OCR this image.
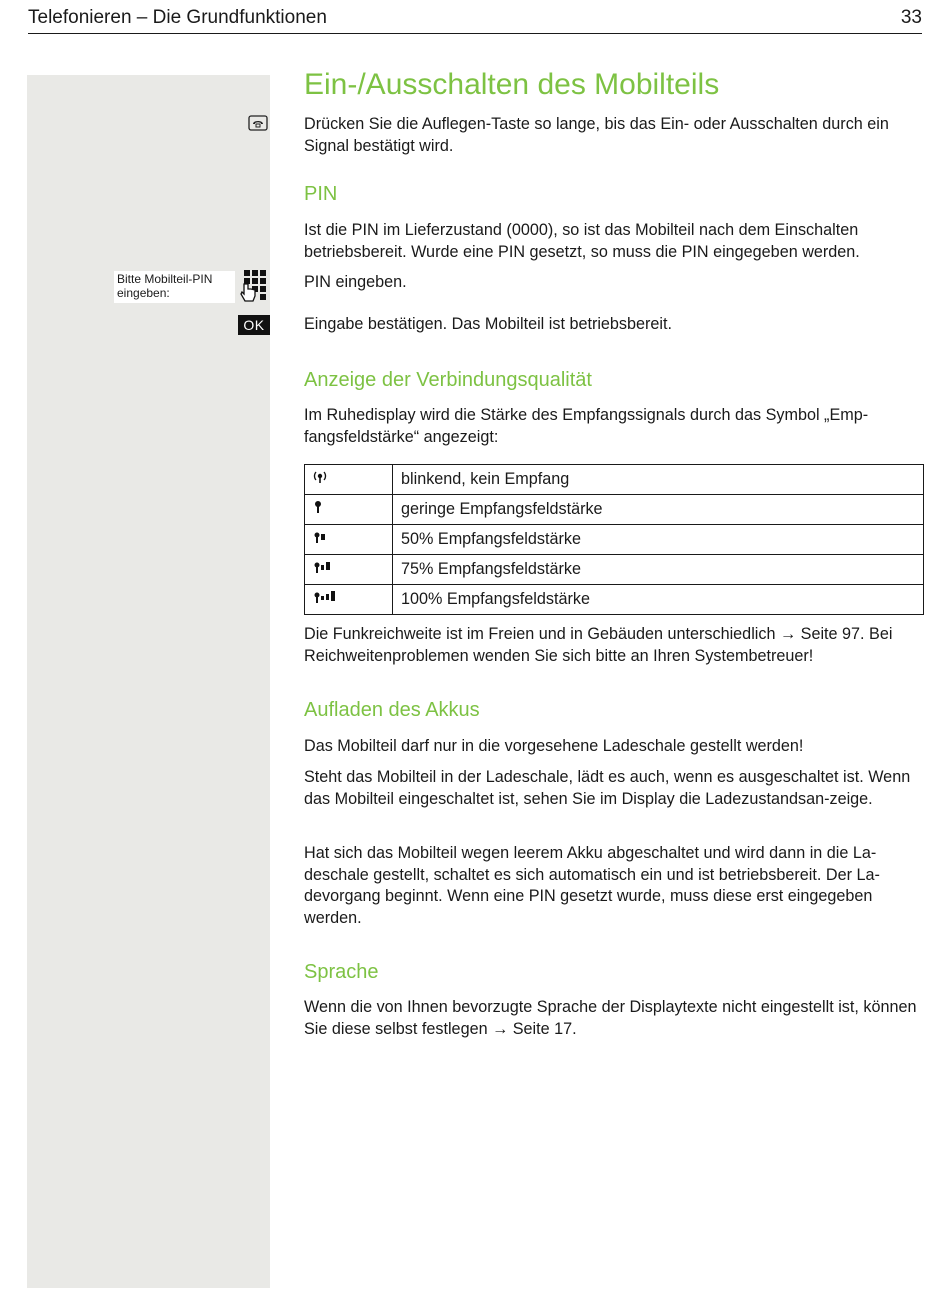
Telefonieren – Die Grundfunktionen	33
Bitte Mobilteil-PIN
eingeben:
OK
Ein-/Ausschalten des Mobilteils

Drücken Sie die Auflegen-Taste so lange, bis das Ein- oder Ausschalten durch ein Signal bestätigt wird.

PIN

Ist die PIN im Lieferzustand (0000), so ist das Mobilteil nach dem Einschalten betriebsbereit. Wurde eine PIN gesetzt, so muss die PIN eingegeben werden.

PIN eingeben.

Eingabe bestätigen. Das Mobilteil ist betriebsbereit.

Anzeige der Verbindungsqualität

Im Ruhedisplay wird die Stärke des Empfangssignals durch das Symbol „Emp-fangsfeldstärke“ angezeigt:

	blinkend, kein Empfang
	geringe Empfangsfeldstärke
	50% Empfangsfeldstärke
	75% Empfangsfeldstärke
	100% Empfangsfeldstärke

Die Funkreichweite ist im Freien und in Gebäuden unterschiedlich → Seite 97. Bei Reichweitenproblemen wenden Sie sich bitte an Ihren Systembetreuer!

Aufladen des Akkus

Das Mobilteil darf nur in die vorgesehene Ladeschale gestellt werden!

Steht das Mobilteil in der Ladeschale, lädt es auch, wenn es ausgeschaltet ist. Wenn das Mobilteil eingeschaltet ist, sehen Sie im Display die Ladezustandsan-zeige.

Hat sich das Mobilteil wegen leerem Akku abgeschaltet und wird dann in die La-deschale gestellt, schaltet es sich automatisch ein und ist betriebsbereit. Der La-devorgang beginnt. Wenn eine PIN gesetzt wurde, muss diese erst eingegeben werden.

Sprache

Wenn die von Ihnen bevorzugte Sprache der Displaytexte nicht eingestellt ist, können Sie diese selbst festlegen → Seite 17.
